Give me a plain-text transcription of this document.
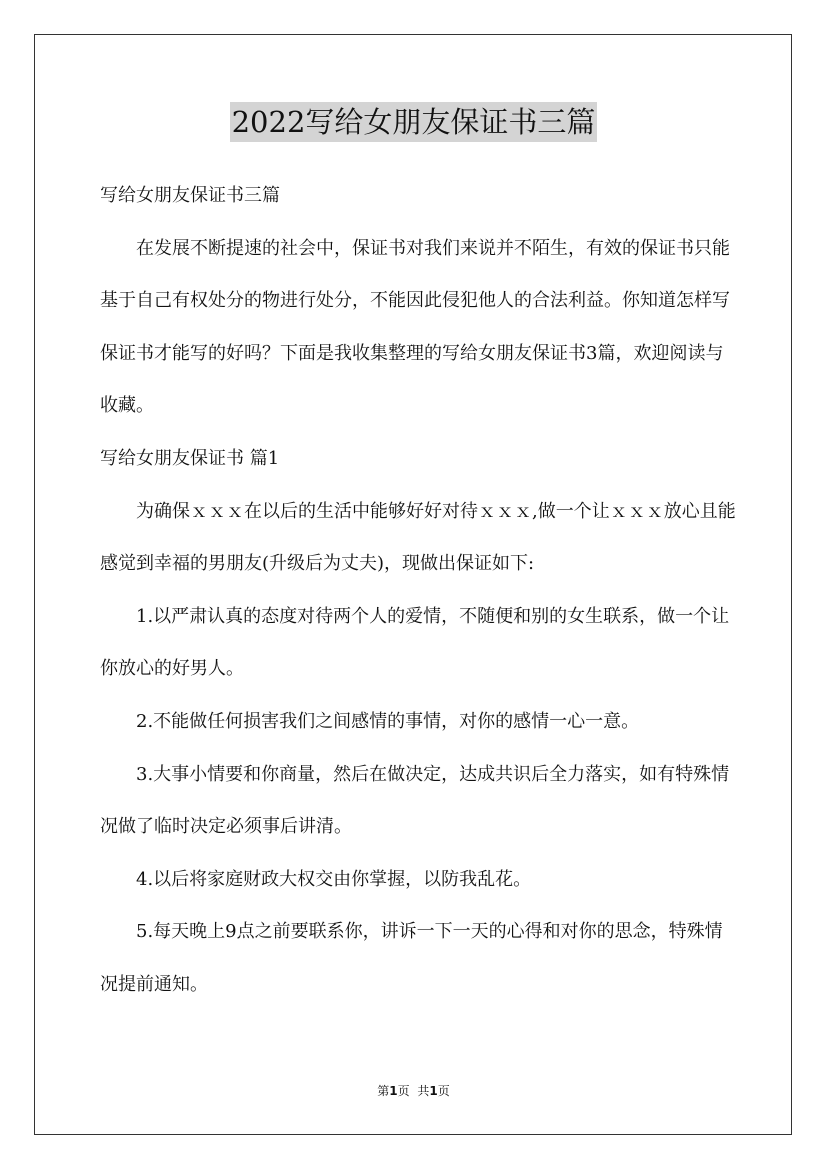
2022写给女朋友保证书三篇

写给女朋友保证书三篇

在发展不断提速的社会中，保证书对我们来说并不陌生，有效的保证书只能基于自己有权处分的物进行处分，不能因此侵犯他人的合法利益。你知道怎样写保证书才能写的好吗？下面是我收集整理的写给女朋友保证书3篇，欢迎阅读与收藏。

写给女朋友保证书 篇1

为确保ｘｘｘ在以后的生活中能够好好对待ｘｘｘ,做一个让ｘｘｘ放心且能感觉到幸福的男朋友(升级后为丈夫)，现做出保证如下:

1.以严肃认真的态度对待两个人的爱情，不随便和别的女生联系，做一个让你放心的好男人。

2.不能做任何损害我们之间感情的事情，对你的感情一心一意。

3.大事小情要和你商量，然后在做决定，达成共识后全力落实，如有特殊情况做了临时决定必须事后讲清。

4.以后将家庭财政大权交由你掌握，以防我乱花。

5.每天晚上9点之前要联系你，讲诉一下一天的心得和对你的思念，特殊情况提前通知。

第1页 共1页
